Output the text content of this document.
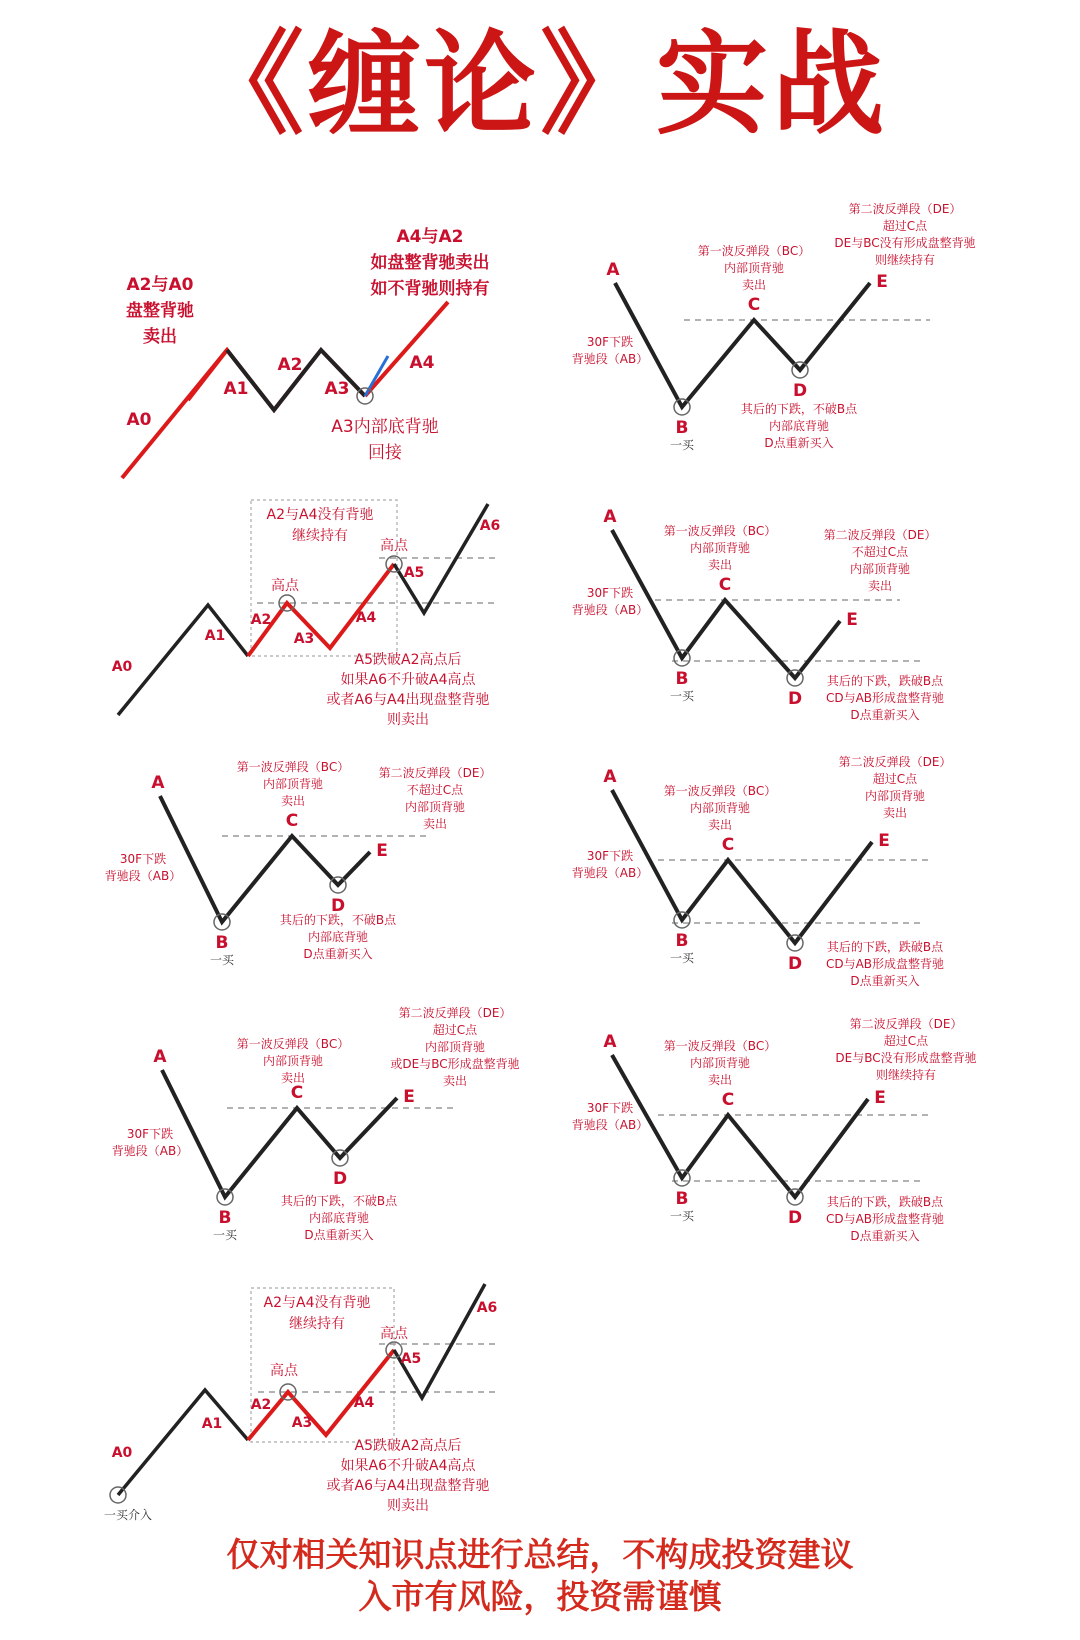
《缠论》实战
A0
A1
A2
A3
A4
A2与A0
盘整背驰
卖出
A4与A2
如盘整背驰卖出
如不背驰则持有
A3内部底背驰
回接
A
B
一买
C
D
E
30F下跌
背驰段（AB）
第一波反弹段（BC）
内部顶背驰
卖出
第二波反弹段（DE）
超过C点
DE与BC没有形成盘整背驰
则继续持有
其后的下跌，不破B点
内部底背驰
D点重新买入
A
B
一买
C
D
E
30F下跌
背驰段（AB）
第一波反弹段（BC）
内部顶背驰
卖出
第二波反弹段（DE）
不超过C点
内部顶背驰
卖出
其后的下跌，跌破B点
CD与AB形成盘整背驰
D点重新买入
A
B
一买
C
D
E
30F下跌
背驰段（AB）
第一波反弹段（BC）
内部顶背驰
卖出
第二波反弹段（DE）
不超过C点
内部顶背驰
卖出
其后的下跌，不破B点
内部底背驰
D点重新买入
A
B
一买
C
D
E
30F下跌
背驰段（AB）
第一波反弹段（BC）
内部顶背驰
卖出
第二波反弹段（DE）
超过C点
内部顶背驰
卖出
其后的下跌，跌破B点
CD与AB形成盘整背驰
D点重新买入
A
B
一买
C
D
E
30F下跌
背驰段（AB）
第一波反弹段（BC）
内部顶背驰
卖出
第二波反弹段（DE）
超过C点
内部顶背驰
或DE与BC形成盘整背驰
卖出
其后的下跌，不破B点
内部底背驰
D点重新买入
A
B
一买
C
D
E
30F下跌
背驰段（AB）
第一波反弹段（BC）
内部顶背驰
卖出
第二波反弹段（DE）
超过C点
DE与BC没有形成盘整背驰
则继续持有
其后的下跌，跌破B点
CD与AB形成盘整背驰
D点重新买入
A0
A1
A2
A3
A4
A5
A6
高点
高点
A2与A4没有背驰
继续持有
A5跌破A2高点后
如果A6不升破A4高点
或者A6与A4出现盘整背驰
则卖出
A0
A1
A2
A3
A4
A5
A6
高点
高点
A2与A4没有背驰
继续持有
A5跌破A2高点后
如果A6不升破A4高点
或者A6与A4出现盘整背驰
则卖出
一买介入
仅对相关知识点进行总结，不构成投资建议
入市有风险，投资需谨慎
